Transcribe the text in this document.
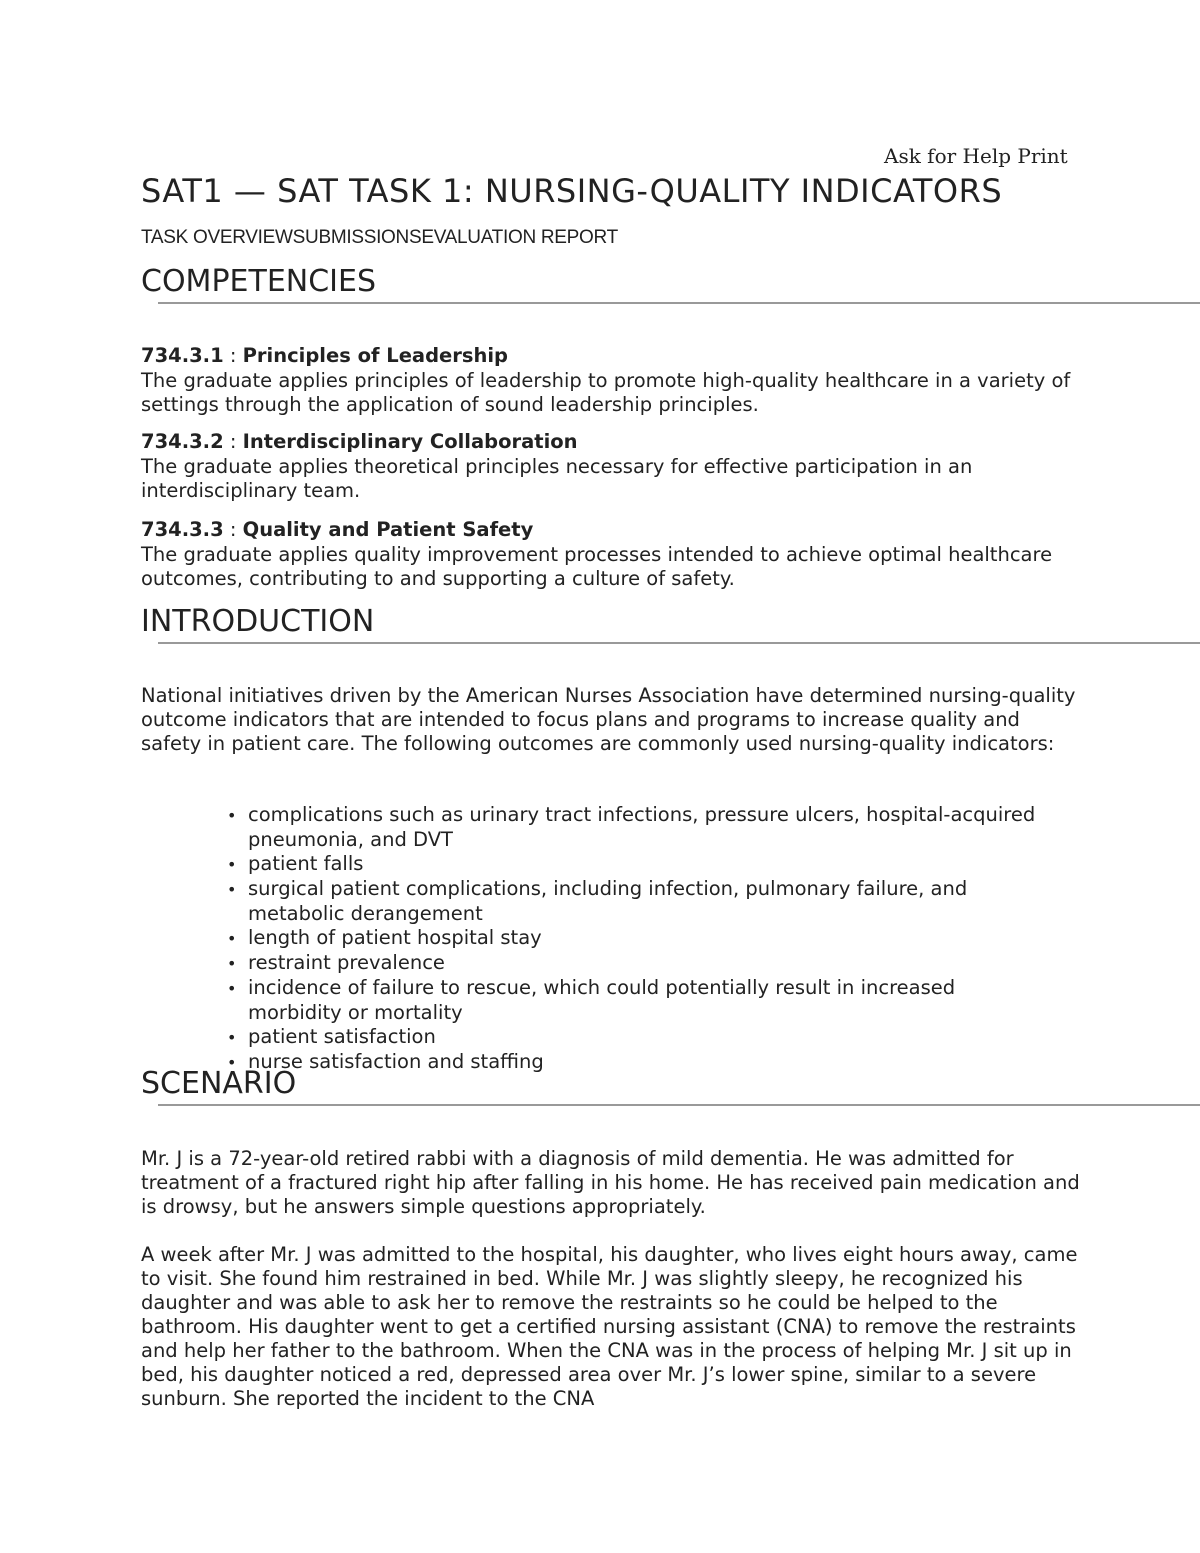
Ask for Help Print
SAT1 — SAT TASK 1: NURSING-QUALITY INDICATORS
TASK OVERVIEWSUBMISSIONSEVALUATION REPORT
COMPETENCIES
734.3.1 : Principles of Leadership

The graduate applies principles of leadership to promote high-quality healthcare in a variety of settings through the application of sound leadership principles.

734.3.2 : Interdisciplinary Collaboration

The graduate applies theoretical principles necessary for effective participation in an interdisciplinary team.

734.3.3 : Quality and Patient Safety

The graduate applies quality improvement processes intended to achieve optimal healthcare outcomes, contributing to and supporting a culture of safety.

INTRODUCTION

National initiatives driven by the American Nurses Association have determined nursing-quality outcome indicators that are intended to focus plans and programs to increase quality and safety in patient care. The following outcomes are commonly used nursing-quality indicators:

• complications such as urinary tract infections, pressure ulcers, hospital-acquired pneumonia, and DVT
• patient falls
• surgical patient complications, including infection, pulmonary failure, and metabolic derangement
• length of patient hospital stay
• restraint prevalence
• incidence of failure to rescue, which could potentially result in increased morbidity or mortality
• patient satisfaction
• nurse satisfaction and staffing
SCENARIO

Mr. J is a 72-year-old retired rabbi with a diagnosis of mild dementia. He was admitted for treatment of a fractured right hip after falling in his home. He has received pain medication and is drowsy, but he answers simple questions appropriately.

A week after Mr. J was admitted to the hospital, his daughter, who lives eight hours away, came to visit. She found him restrained in bed. While Mr. J was slightly sleepy, he recognized his daughter and was able to ask her to remove the restraints so he could be helped to the bathroom. His daughter went to get a certified nursing assistant (CNA) to remove the restraints and help her father to the bathroom. When the CNA was in the process of helping Mr. J sit up in bed, his daughter noticed a red, depressed area over Mr. J’s lower spine, similar to a severe sunburn. She reported the incident to the CNA
